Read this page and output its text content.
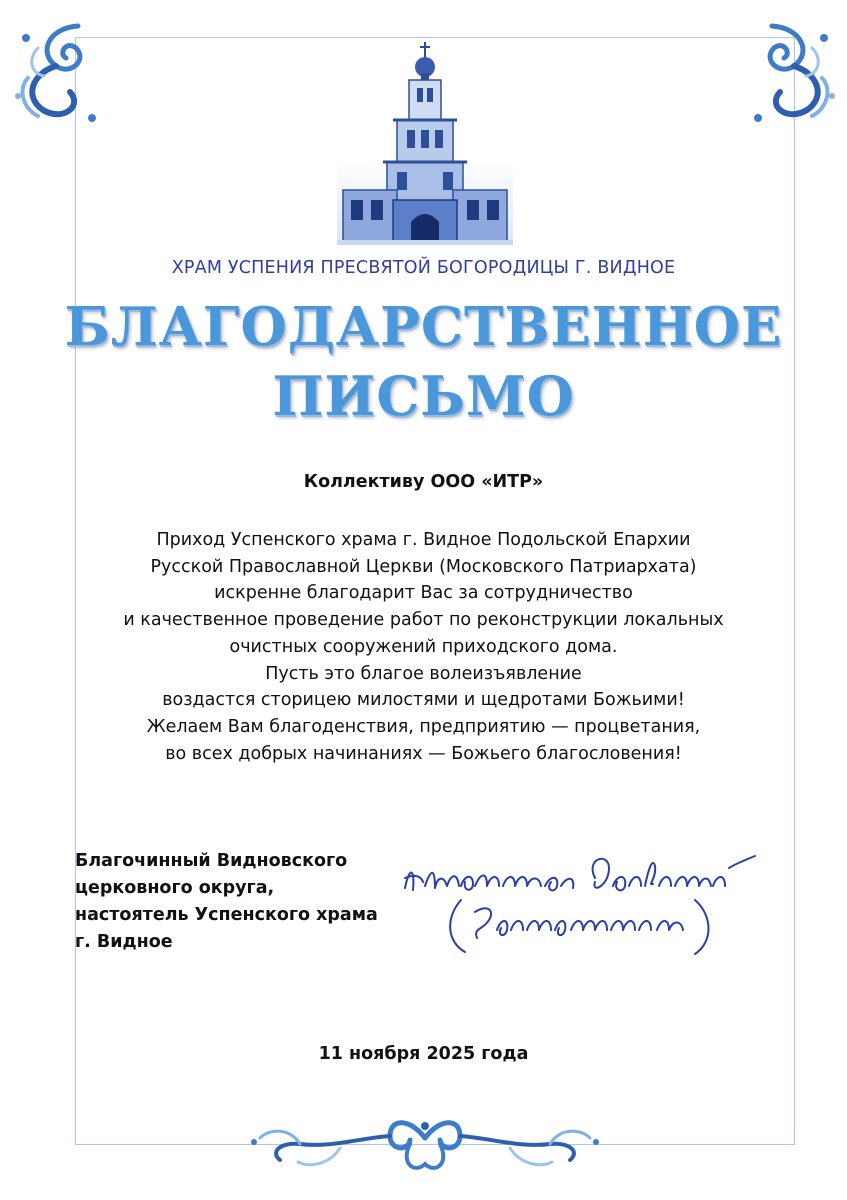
ХРАМ УСПЕНИЯ ПРЕСВЯТОЙ БОГОРОДИЦЫ Г. ВИДНОЕ
БЛАГОДАРСТВЕННОЕ
ПИСЬМО
Коллективу ООО «ИТР»
Приход Успенского храма г. Видное Подольской Епархии
Русской Православной Церкви (Московского Патриархата)
искренне благодарит Вас за сотрудничество
и качественное проведение работ по реконструкции локальных
очистных сооружений приходского дома.
Пусть это благое волеизъявление
воздастся сторицею милостями и щедротами Божьими!
Желаем Вам благоденствия, предприятию — процветания,
во всех добрых начинаниях — Божьего благословения!
Благочинный Видновского
церковного округа,
настоятель Успенского храма
г. Видное
11 ноября 2025 года
